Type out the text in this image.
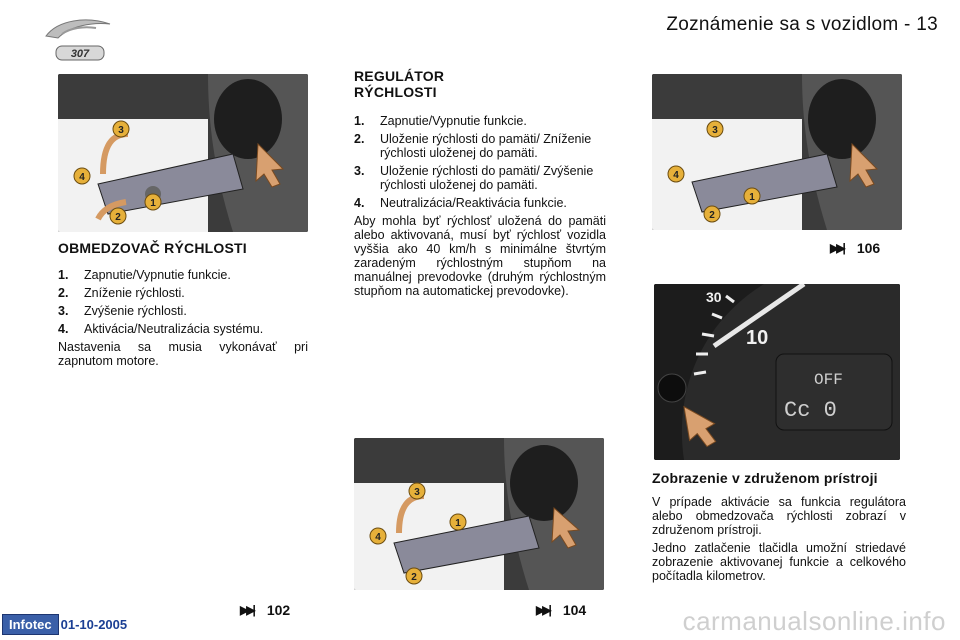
307
Zoznámenie sa s vozidlom - 13
3
4
2
1
OBMEDZOVAČ RÝCHLOSTI
1.	Zapnutie/Vypnutie funkcie.
2.	Zníženie rýchlosti.
3.	Zvýšenie rýchlosti.
4.	Aktivácia/Neutralizácia systému.

Nastavenia sa musia vykonávať pri zapnutom motore.

▶▶| 102
REGULÁTOR
RÝCHLOSTI
1.	Zapnutie/Vypnutie funkcie.
2.	Uloženie rýchlosti do pamäti/ Zníženie rýchlosti uloženej do pamäti.
3.	Uloženie rýchlosti do pamäti/ Zvýšenie rýchlosti uloženej do pamäti.
4.	Neutralizácia/Reaktivácia funkcie.

Aby mohla byť rýchlosť uložená do pamäti alebo aktivovaná, musí byť rýchlosť vozidla vyššia ako 40 km/h s minimálne štvrtým zaradeným rýchlostným stupňom na manuálnej prevodovke (druhým rýchlostným stupňom na automatickej prevodovke).

3
4
2
1
▶▶| 104
3
4
2
1
▶▶| 106
10
30
OFF
Cc 0
Zobrazenie v združenom prístroji

V prípade aktivácie sa funkcia regulátora alebo obmedzovača rýchlosti zobrazí v združenom prístroji.

Jedno zatlačenie tlačidla umožní striedavé zobrazenie aktivovanej funkcie a celkového počítadla kilometrov.

Infotec 01-10-2005	carmanualsonline.info
